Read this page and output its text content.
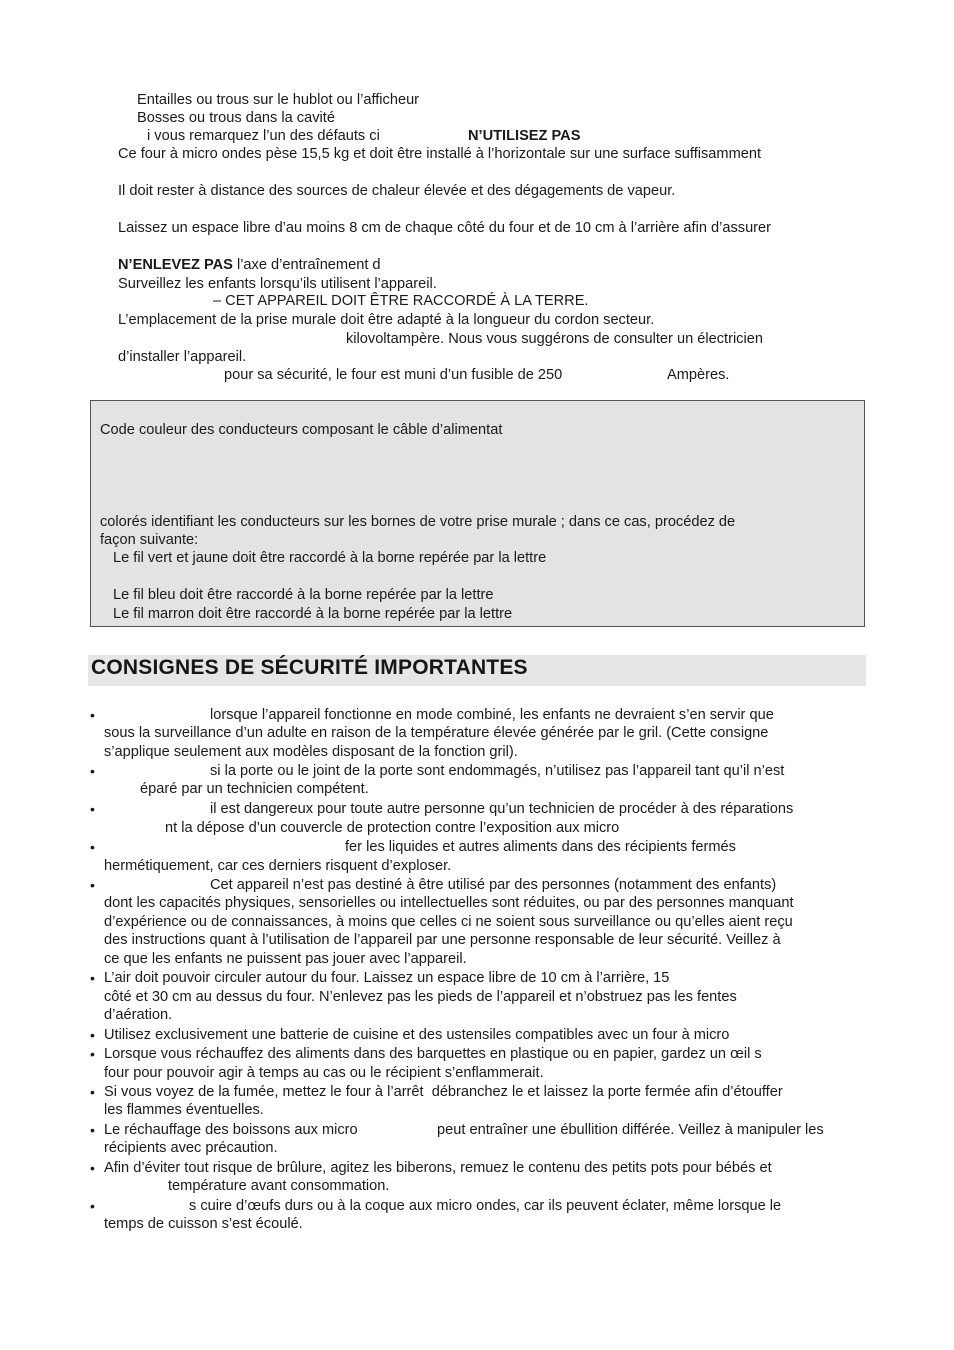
Entailles ou trous sur le hublot ou l’afficheur
Bosses ou trous dans la cavité
i vous remarquez l’un des défauts ci	N’UTILISEZ PAS
Ce four à micro ondes pèse 15,5 kg et doit être installé à l’horizontale sur une surface suffisamment
Il doit rester à distance des sources de chaleur élevée et des dégagements de vapeur.
Laissez un espace libre d’au moins 8 cm de chaque côté du four et de 10 cm à l’arrière afin d’assurer
N’ENLEVEZ PAS l’axe d’entraînement d
Surveillez les enfants lorsqu’ils utilisent l’appareil.
– CET APPAREIL DOIT ÊTRE RACCORDÉ À LA TERRE.
L’emplacement de la prise murale doit être adapté à la longueur du cordon secteur.
kilovoltampère. Nous vous suggérons de consulter un électricien
d’installer l’appareil.
pour sa sécurité, le four est muni d’un fusible de 250	Ampères.
Code couleur des conducteurs composant le câble d’alimentat
colorés identifiant les conducteurs sur les bornes de votre prise murale ; dans ce cas, procédez de
façon suivante:
Le fil vert et jaune doit être raccordé à la borne repérée par la lettre
Le fil bleu doit être raccordé à la borne repérée par la lettre
Le fil marron doit être raccordé à la borne repérée par la lettre
CONSIGNES DE SÉCURITÉ IMPORTANTES
•	lorsque l’appareil fonctionne en mode combiné, les enfants ne devraient s’en servir que
sous la surveillance d’un adulte en raison de la température élevée générée par le gril. (Cette consigne
s’applique seulement aux modèles disposant de la fonction gril).
•	si la porte ou le joint de la porte sont endommagés, n’utilisez pas l’appareil tant qu’il n’est
éparé par un technicien compétent.
•	il est dangereux pour toute autre personne qu’un technicien de procéder à des réparations
nt la dépose d’un couvercle de protection contre l’exposition aux micro
•	fer les liquides et autres aliments dans des récipients fermés
hermétiquement, car ces derniers risquent d’exploser.
•	Cet appareil n’est pas destiné à être utilisé par des personnes (notamment des enfants)
dont les capacités physiques, sensorielles ou intellectuelles sont réduites, ou par des personnes manquant
d’expérience ou de connaissances, à moins que celles ci ne soient sous surveillance ou qu’elles aient reçu
des instructions quant à l’utilisation de l’appareil par une personne responsable de leur sécurité. Veillez à
ce que les enfants ne puissent pas jouer avec l’appareil.
• L’air doit pouvoir circuler autour du four. Laissez un espace libre de 10 cm à l’arrière, 15
côté et 30 cm au dessus du four. N’enlevez pas les pieds de l’appareil et n’obstruez pas les fentes
d’aération.
• Utilisez exclusivement une batterie de cuisine et des ustensiles compatibles avec un four à micro
• Lorsque vous réchauffez des aliments dans des barquettes en plastique ou en papier, gardez un œil s
four pour pouvoir agir à temps au cas ou le récipient s’enflammerait.
• Si vous voyez de la fumée, mettez le four à l’arrêt  débranchez le et laissez la porte fermée afin d’étouffer
les flammes éventuelles.
• Le réchauffage des boissons aux micro	peut entraîner une ébullition différée. Veillez à manipuler les
récipients avec précaution.
• Afin d’éviter tout risque de brûlure, agitez les biberons, remuez le contenu des petits pots pour bébés et
température avant consommation.
•	s cuire d’œufs durs ou à la coque aux micro ondes, car ils peuvent éclater, même lorsque le
temps de cuisson s’est écoulé.
